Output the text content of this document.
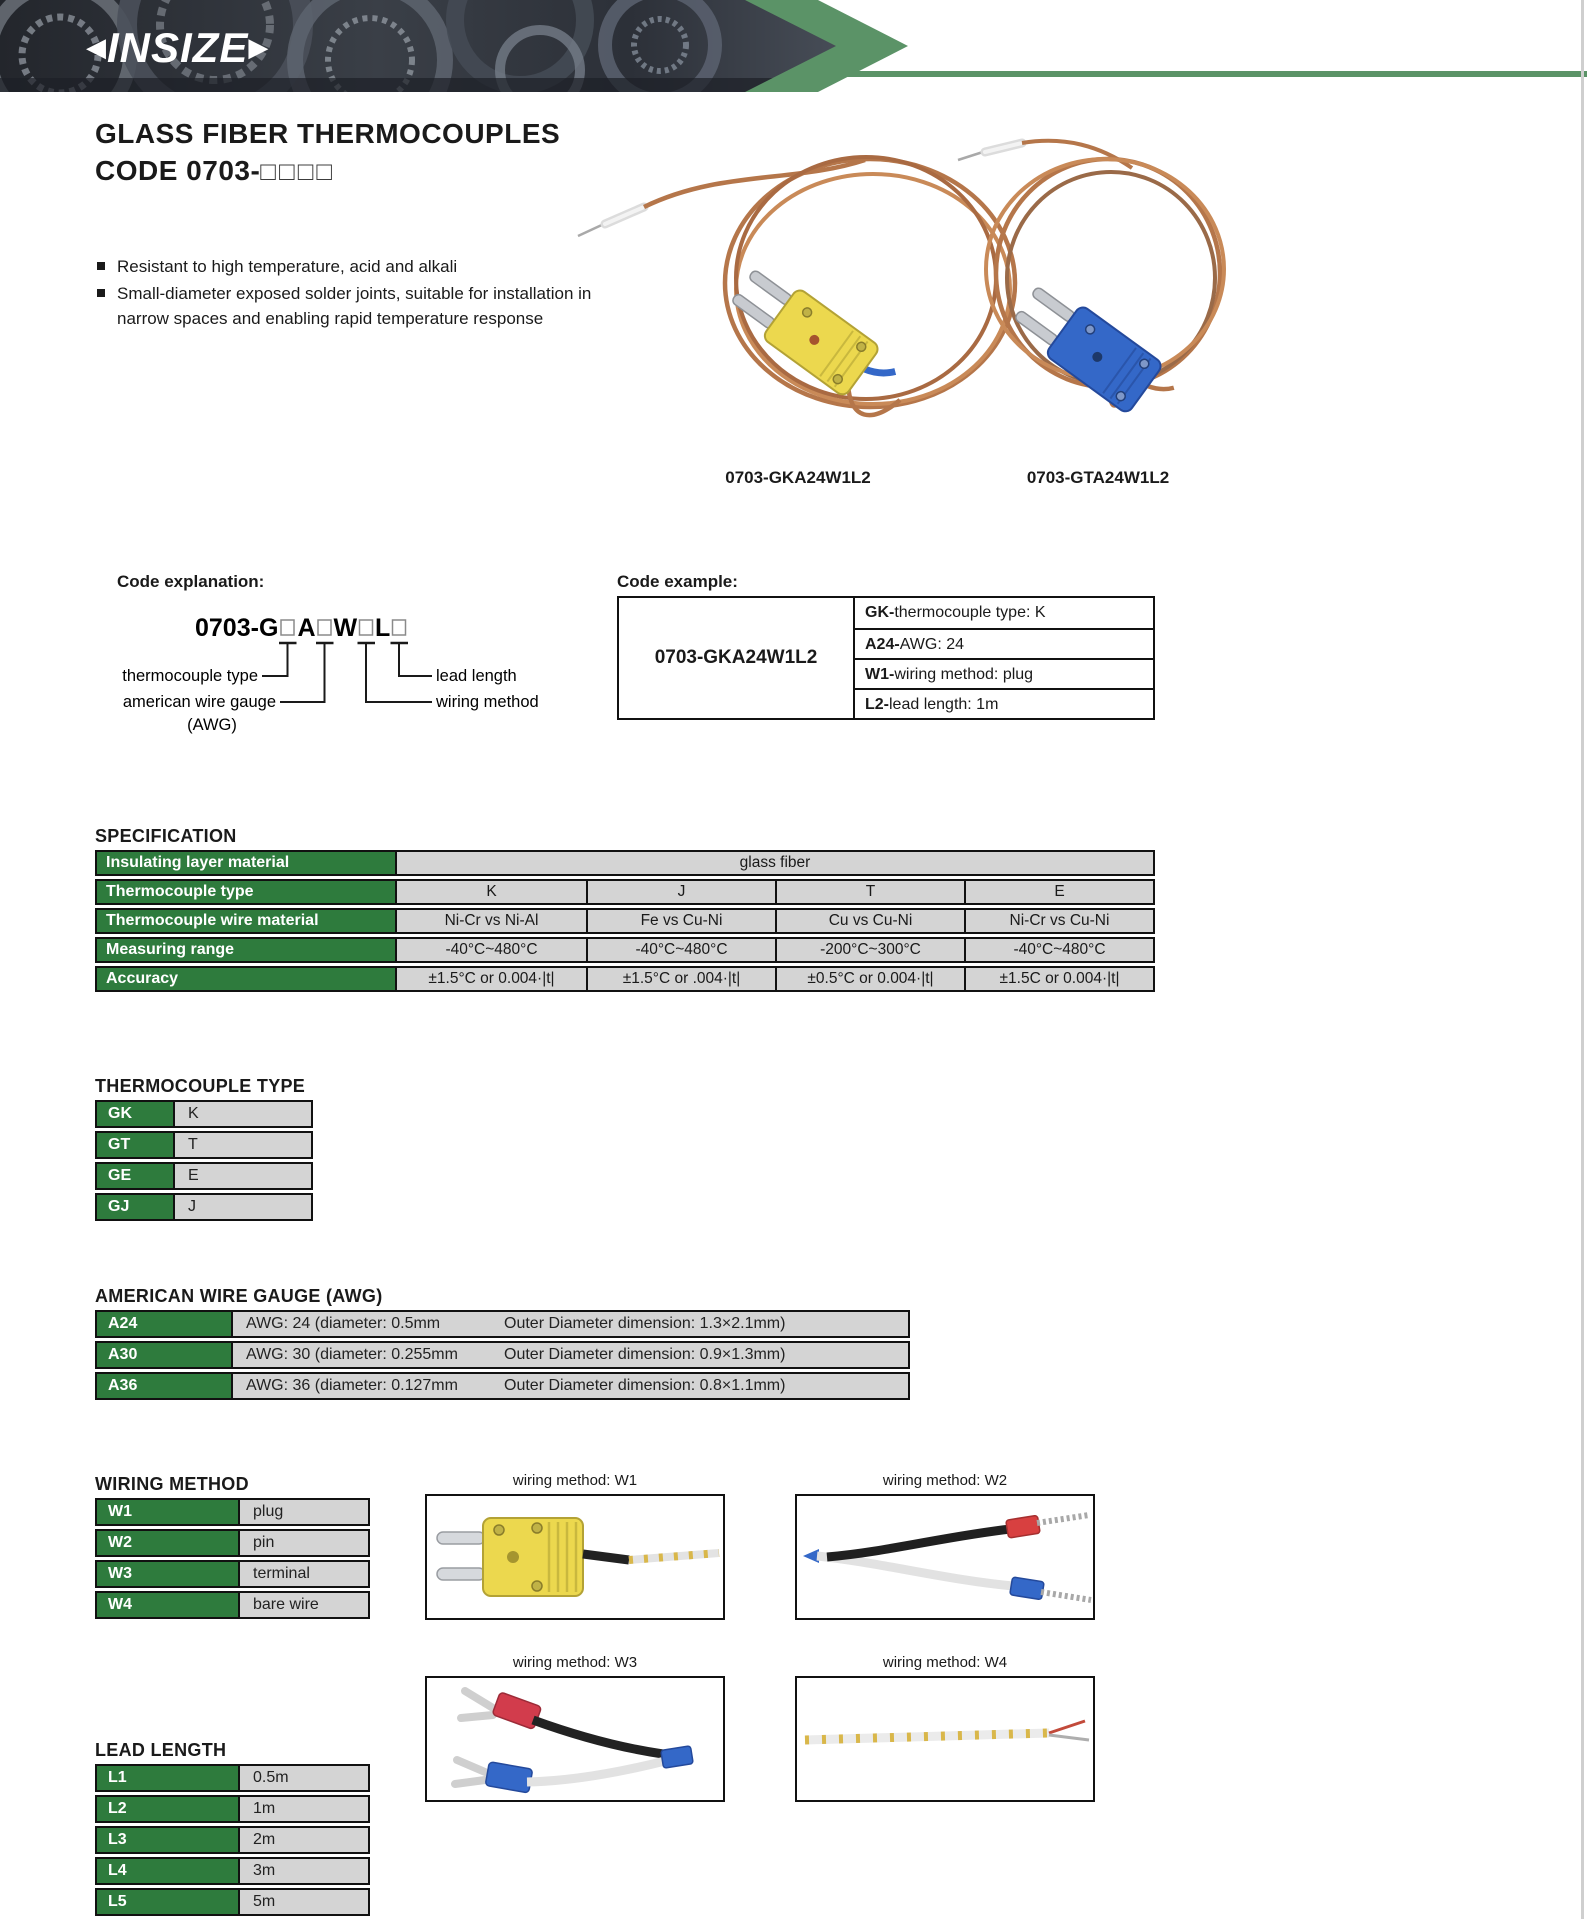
◀INSIZE▶
GLASS FIBER THERMOCOUPLES
CODE 0703-□□□□
Resistant to high temperature, acid and alkali
Small-diameter exposed solder joints, suitable for installation in narrow spaces and enabling rapid temperature response
0703-GKA24W1L2	0703-GTA24W1L2
Code explanation:
0703-G A W L
thermocouple type
american wire gauge
(AWG)
lead length
wiring method
Code example:
0703-GKA24W1L2
GK-thermocouple type: K
A24-AWG: 24
W1-wiring method: plug
L2-lead length: 1m
SPECIFICATION
Insulating layer material	glass fiber
Thermocouple type	K	J	T	E
Thermocouple wire material	Ni-Cr vs Ni-Al	Fe vs Cu-Ni	Cu vs Cu-Ni	Ni-Cr vs Cu-Ni
Measuring range	-40°C~480°C	-40°C~480°C	-200°C~300°C	-40°C~480°C
Accuracy	±1.5°C or 0.004·|t|	±1.5°C or .004·|t|	±0.5°C or 0.004·|t|	±1.5C or 0.004·|t|
THERMOCOUPLE TYPE
GK	K
GT	T
GE	E
GJ	J
AMERICAN WIRE GAUGE (AWG)
A24	AWG: 24 (diameter: 0.5mm	Outer Diameter dimension: 1.3×2.1mm)
A30	AWG: 30 (diameter: 0.255mm	Outer Diameter dimension: 0.9×1.3mm)
A36	AWG: 36 (diameter: 0.127mm	Outer Diameter dimension: 0.8×1.1mm)
WIRING METHOD
W1	plug
W2	pin
W3	terminal
W4	bare wire
wiring method: W1	wiring method: W2
wiring method: W3	wiring method: W4
LEAD LENGTH
L1	0.5m
L2	1m
L3	2m
L4	3m
L5	5m
